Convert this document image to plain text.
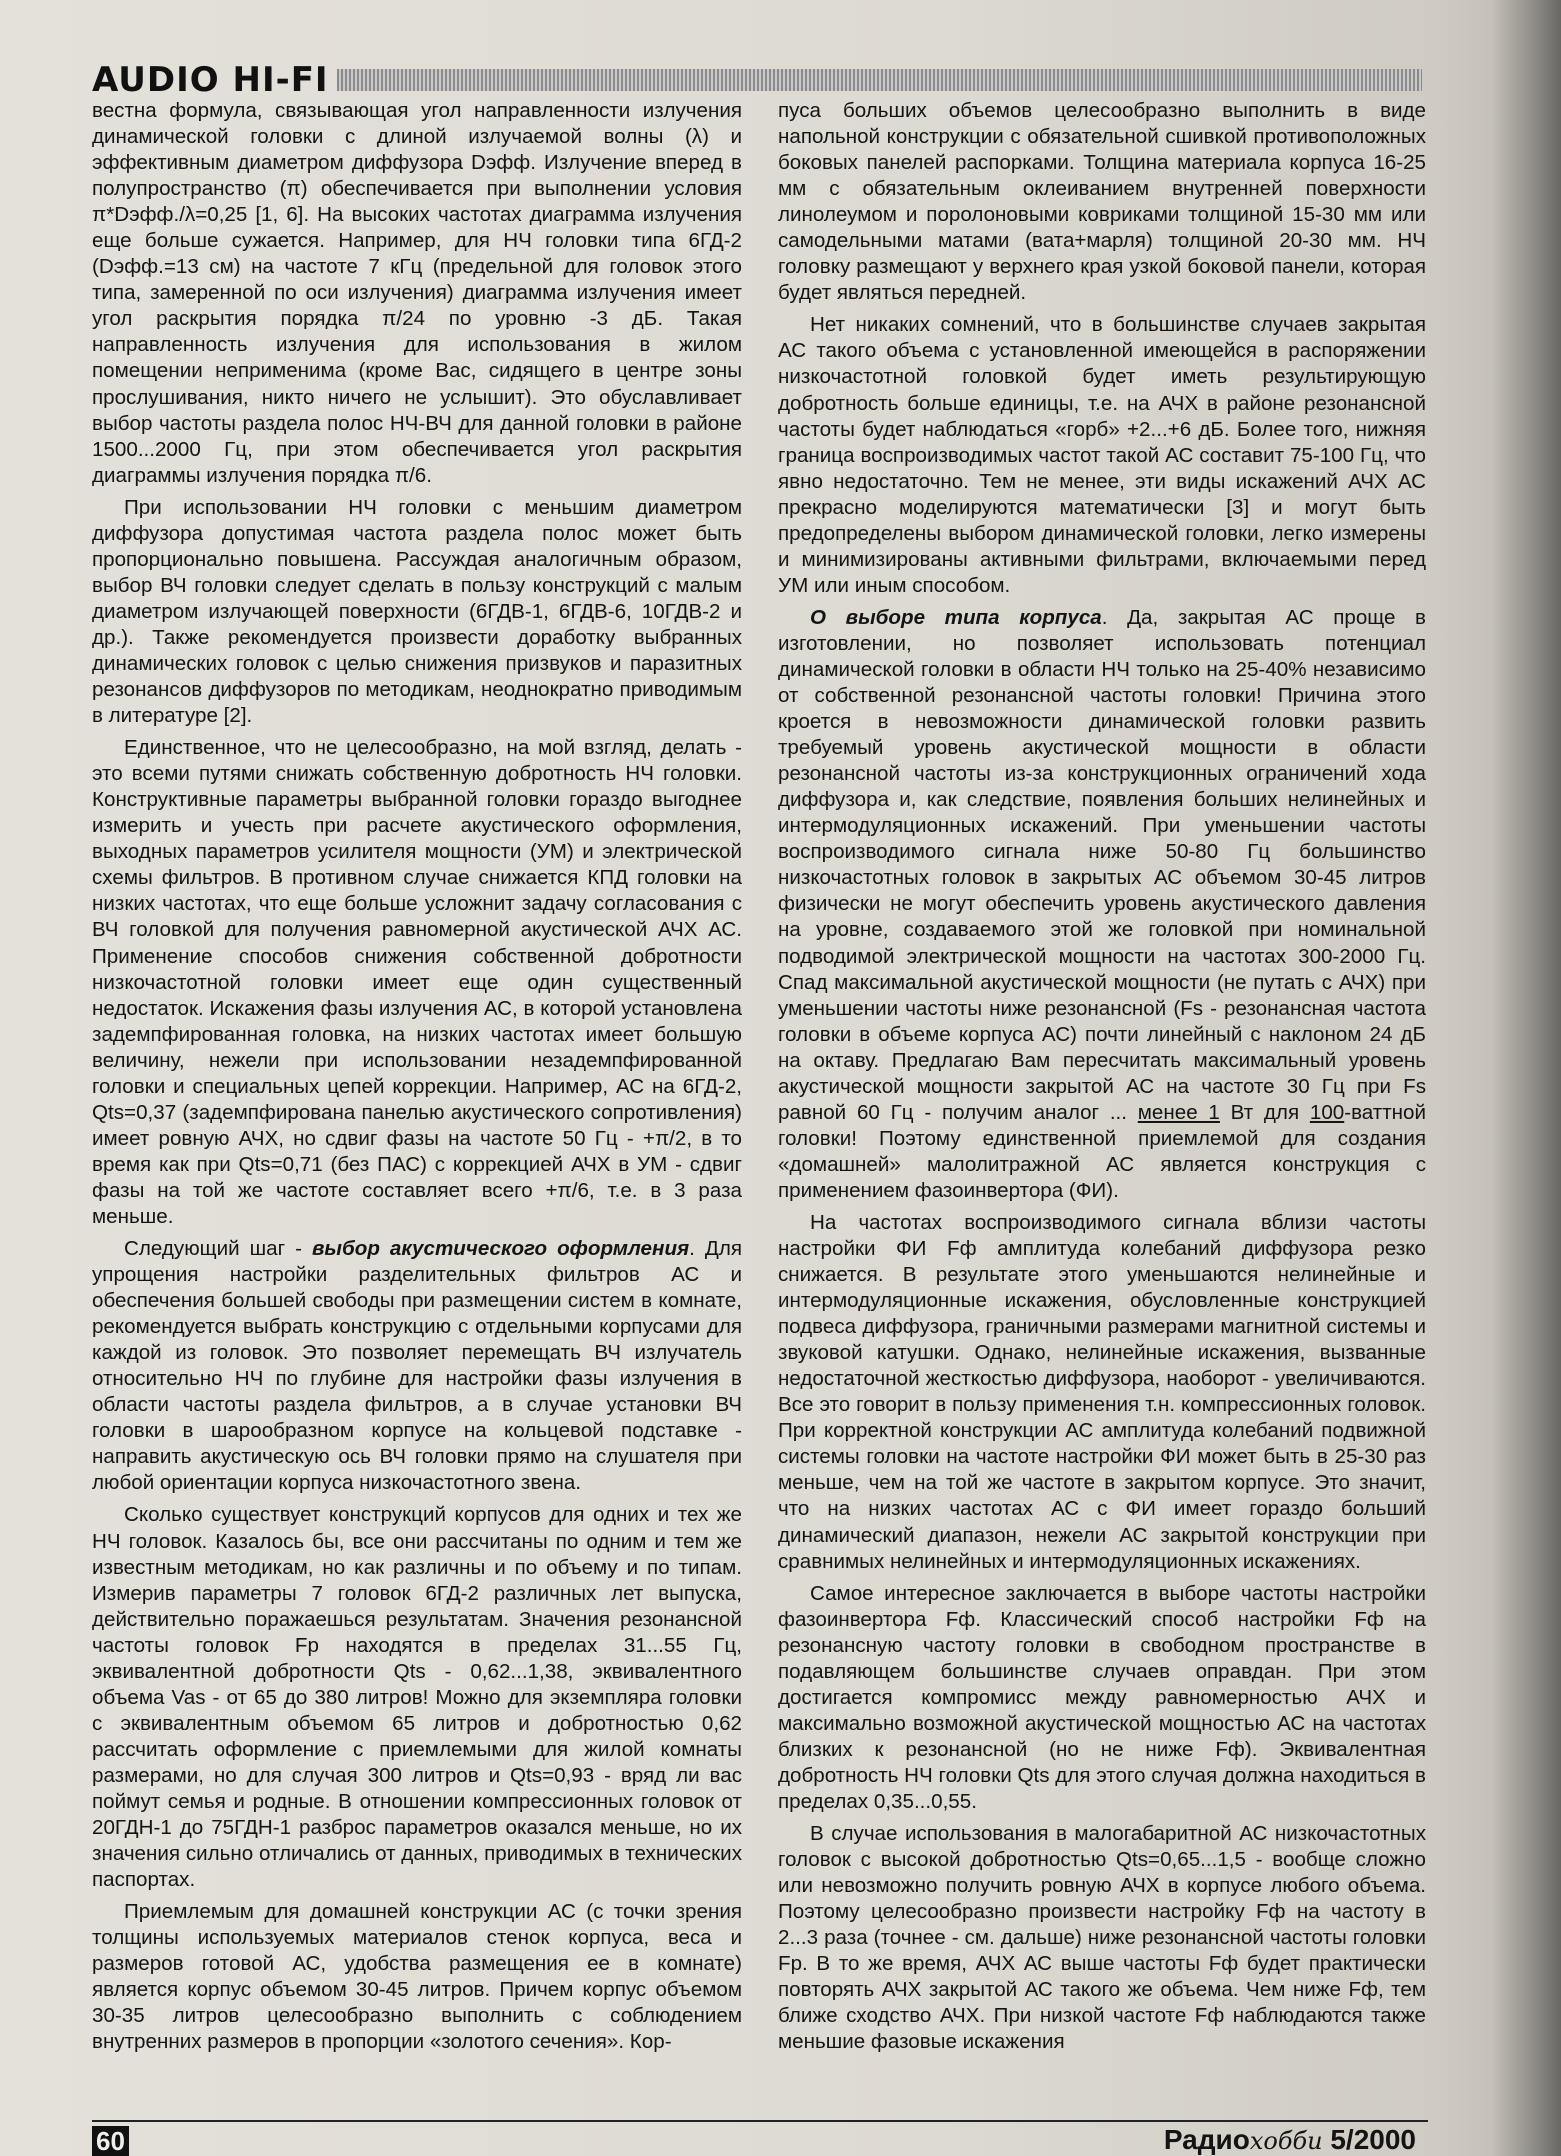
AUDIO HI-FI

вестна формула, связывающая угол направленности излучения динамической головки с длиной излучаемой волны (λ) и эффективным диаметром диффузора Dэфф. Излучение вперед в полупространство (π) обеспечивается при выполнении условия π*Dэфф./λ=0,25 [1, 6]. На высоких частотах диаграмма излучения еще больше сужается. Например, для НЧ головки типа 6ГД-2 (Dэфф.=13 см) на частоте 7 кГц (предельной для головок этого типа, замеренной по оси излучения) диаграмма излучения имеет угол раскрытия порядка π/24 по уровню -3 дБ. Такая направленность излучения для использования в жилом помещении неприменима (кроме Вас, сидящего в центре зоны прослушивания, никто ничего не услышит). Это обуславливает выбор частоты раздела полос НЧ-ВЧ для данной головки в районе 1500...2000 Гц, при этом обеспечивается угол раскрытия диаграммы излучения порядка π/6.

При использовании НЧ головки с меньшим диаметром диффузора допустимая частота раздела полос может быть пропорционально повышена. Рассуждая аналогичным образом, выбор ВЧ головки следует сделать в пользу конструкций с малым диаметром излучающей поверхности (6ГДВ-1, 6ГДВ-6, 10ГДВ-2 и др.). Также рекомендуется произвести доработку выбранных динамических головок с целью снижения призвуков и паразитных резонансов диффузоров по методикам, неоднократно приводимым в литературе [2].

Единственное, что не целесообразно, на мой взгляд, делать - это всеми путями снижать собственную добротность НЧ головки. Конструктивные параметры выбранной головки гораздо выгоднее измерить и учесть при расчете акустического оформления, выходных параметров усилителя мощности (УМ) и электрической схемы фильтров. В противном случае снижается КПД головки на низких частотах, что еще больше усложнит задачу согласования с ВЧ головкой для получения равномерной акустической АЧХ АС. Применение способов снижения собственной добротности низкочастотной головки имеет еще один существенный недостаток. Искажения фазы излучения АС, в которой установлена задемпфированная головка, на низких частотах имеет большую величину, нежели при использовании незадемпфированной головки и специальных цепей коррекции. Например, АС на 6ГД-2, Qts=0,37 (задемпфирована панелью акустического сопротивления) имеет ровную АЧХ, но сдвиг фазы на частоте 50 Гц - +π/2, в то время как при Qts=0,71 (без ПАС) с коррекцией АЧХ в УМ - сдвиг фазы на той же частоте составляет всего +π/6, т.е. в 3 раза меньше.

Следующий шаг - выбор акустического оформления. Для упрощения настройки разделительных фильтров АС и обеспечения большей свободы при размещении систем в комнате, рекомендуется выбрать конструкцию с отдельными корпусами для каждой из головок. Это позволяет перемещать ВЧ излучатель относительно НЧ по глубине для настройки фазы излучения в области частоты раздела фильтров, а в случае установки ВЧ головки в шарообразном корпусе на кольцевой подставке - направить акустическую ось ВЧ головки прямо на слушателя при любой ориентации корпуса низкочастотного звена.

Сколько существует конструкций корпусов для одних и тех же НЧ головок. Казалось бы, все они рассчитаны по одним и тем же известным методикам, но как различны и по объему и по типам. Измерив параметры 7 головок 6ГД-2 различных лет выпуска, действительно поражаешься результатам. Значения резонансной частоты головок Fp находятся в пределах 31...55 Гц, эквивалентной добротности Qts - 0,62...1,38, эквивалентного объема Vas - от 65 до 380 литров! Можно для экземпляра головки с эквивалентным объемом 65 литров и добротностью 0,62 рассчитать оформление с приемлемыми для жилой комнаты размерами, но для случая 300 литров и Qts=0,93 - вряд ли вас поймут семья и родные. В отношении компрессионных головок от 20ГДН-1 до 75ГДН-1 разброс параметров оказался меньше, но их значения сильно отличались от данных, приводимых в технических паспортах.

Приемлемым для домашней конструкции АС (с точки зрения толщины используемых материалов стенок корпуса, веса и размеров готовой АС, удобства размещения ее в комнате) является корпус объемом 30-45 литров. Причем корпус объемом 30-35 литров целесообразно выполнить с соблюдением внутренних размеров в пропорции «золотого сечения». Кор-

пуса больших объемов целесообразно выполнить в виде напольной конструкции с обязательной сшивкой противоположных боковых панелей распорками. Толщина материала корпуса 16-25 мм с обязательным оклеиванием внутренней поверхности линолеумом и поролоновыми ковриками толщиной 15-30 мм или самодельными матами (вата+марля) толщиной 20-30 мм. НЧ головку размещают у верхнего края узкой боковой панели, которая будет являться передней.

Нет никаких сомнений, что в большинстве случаев закрытая АС такого объема с установленной имеющейся в распоряжении низкочастотной головкой будет иметь результирующую добротность больше единицы, т.е. на АЧХ в районе резонансной частоты будет наблюдаться «горб» +2...+6 дБ. Более того, нижняя граница воспроизводимых частот такой АС составит 75-100 Гц, что явно недостаточно. Тем не менее, эти виды искажений АЧХ АС прекрасно моделируются математически [3] и могут быть предопределены выбором динамической головки, легко измерены и минимизированы активными фильтрами, включаемыми перед УМ или иным способом.

О выборе типа корпуса. Да, закрытая АС проще в изготовлении, но позволяет использовать потенциал динамической головки в области НЧ только на 25-40% независимо от собственной резонансной частоты головки! Причина этого кроется в невозможности динамической головки развить требуемый уровень акустической мощности в области резонансной частоты из-за конструкционных ограничений хода диффузора и, как следствие, появления больших нелинейных и интермодуляционных искажений. При уменьшении частоты воспроизводимого сигнала ниже 50-80 Гц большинство низкочастотных головок в закрытых АС объемом 30-45 литров физически не могут обеспечить уровень акустического давления на уровне, создаваемого этой же головкой при номинальной подводимой электрической мощности на частотах 300-2000 Гц. Спад максимальной акустической мощности (не путать с АЧХ) при уменьшении частоты ниже резонансной (Fs - резонансная частота головки в объеме корпуса АС) почти линейный с наклоном 24 дБ на октаву. Предлагаю Вам пересчитать максимальный уровень акустической мощности закрытой АС на частоте 30 Гц при Fs равной 60 Гц - получим аналог ... менее 1 Вт для 100-ваттной головки! Поэтому единственной приемлемой для создания «домашней» малолитражной АС является конструкция с применением фазоинвертора (ФИ).

На частотах воспроизводимого сигнала вблизи частоты настройки ФИ Fф амплитуда колебаний диффузора резко снижается. В результате этого уменьшаются нелинейные и интермодуляционные искажения, обусловленные конструкцией подвеса диффузора, граничными размерами магнитной системы и звуковой катушки. Однако, нелинейные искажения, вызванные недостаточной жесткостью диффузора, наоборот - увеличиваются. Все это говорит в пользу применения т.н. компрессионных головок. При корректной конструкции АС амплитуда колебаний подвижной системы головки на частоте настройки ФИ может быть в 25-30 раз меньше, чем на той же частоте в закрытом корпусе. Это значит, что на низких частотах АС с ФИ имеет гораздо больший динамический диапазон, нежели АС закрытой конструкции при сравнимых нелинейных и интермодуляционных искажениях.

Самое интересное заключается в выборе частоты настройки фазоинвертора Fф. Классический способ настройки Fф на резонансную частоту головки в свободном пространстве в подавляющем большинстве случаев оправдан. При этом достигается компромисс между равномерностью АЧХ и максимально возможной акустической мощностью АС на частотах близких к резонансной (но не ниже Fф). Эквивалентная добротность НЧ головки Qts для этого случая должна находиться в пределах 0,35...0,55.

В случае использования в малогабаритной АС низкочастотных головок с высокой добротностью Qts=0,65...1,5 - вообще сложно или невозможно получить ровную АЧХ в корпусе любого объема. Поэтому целесообразно произвести настройку Fф на частоту в 2...3 раза (точнее - см. дальше) ниже резонансной частоты головки Fp. В то же время, АЧХ АС выше частоты Fф будет практически повторять АЧХ закрытой АС такого же объема. Чем ниже Fф, тем ближе сходство АЧХ. При низкой частоте Fф наблюдаются также меньшие фазовые искажения

60	Радиохобби 5/2000
